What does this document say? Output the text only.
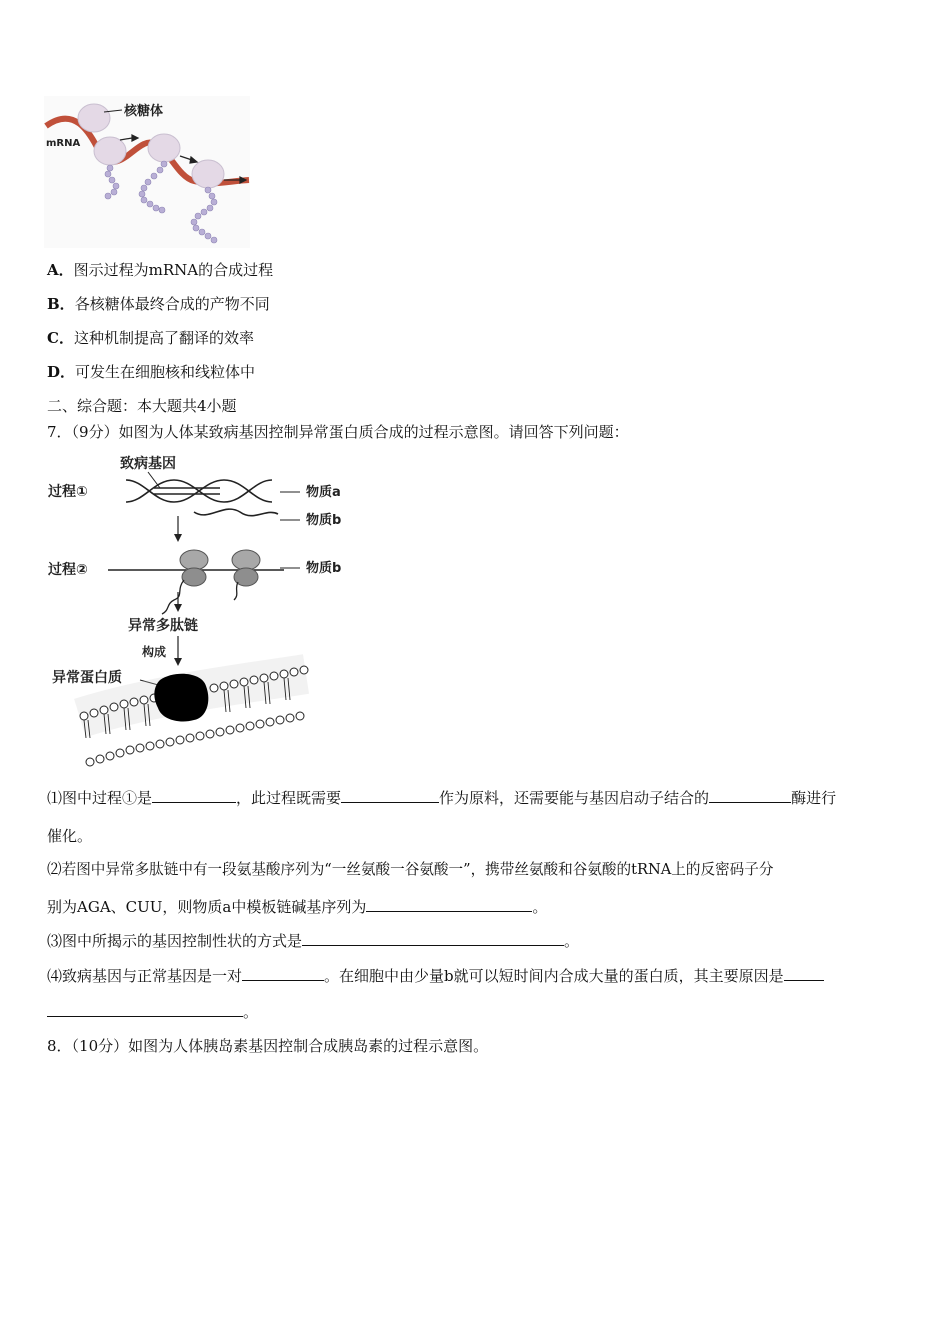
核糖体
mRNA
A．图示过程为mRNA的合成过程
B．各核糖体最终合成的产物不同
C．这种机制提高了翻译的效率
D．可发生在细胞核和线粒体中
二、综合题：本大题共4小题
7．（9分）如图为人体某致病基因控制异常蛋白质合成的过程示意图。请回答下列问题：
致病基因
过程①	物质a
物质b
过程②	物质b
异常多肽链
构成
异常蛋白质
⑴图中过程①是	，此过程既需要	作为原料，还需要能与基因启动子结合的	酶进行
催化。
⑵若图中异常多肽链中有一段氨基酸序列为“一丝氨酸一谷氨酸一”，携带丝氨酸和谷氨酸的tRNA上的反密码子分
别为AGA、CUU，则物质a中模板链碱基序列为	。
⑶图中所揭示的基因控制性状的方式是	。
⑷致病基因与正常基因是一对	。在细胞中由少量b就可以短时间内合成大量的蛋白质，其主要原因是
。
8．（10分）如图为人体胰岛素基因控制合成胰岛素的过程示意图。
